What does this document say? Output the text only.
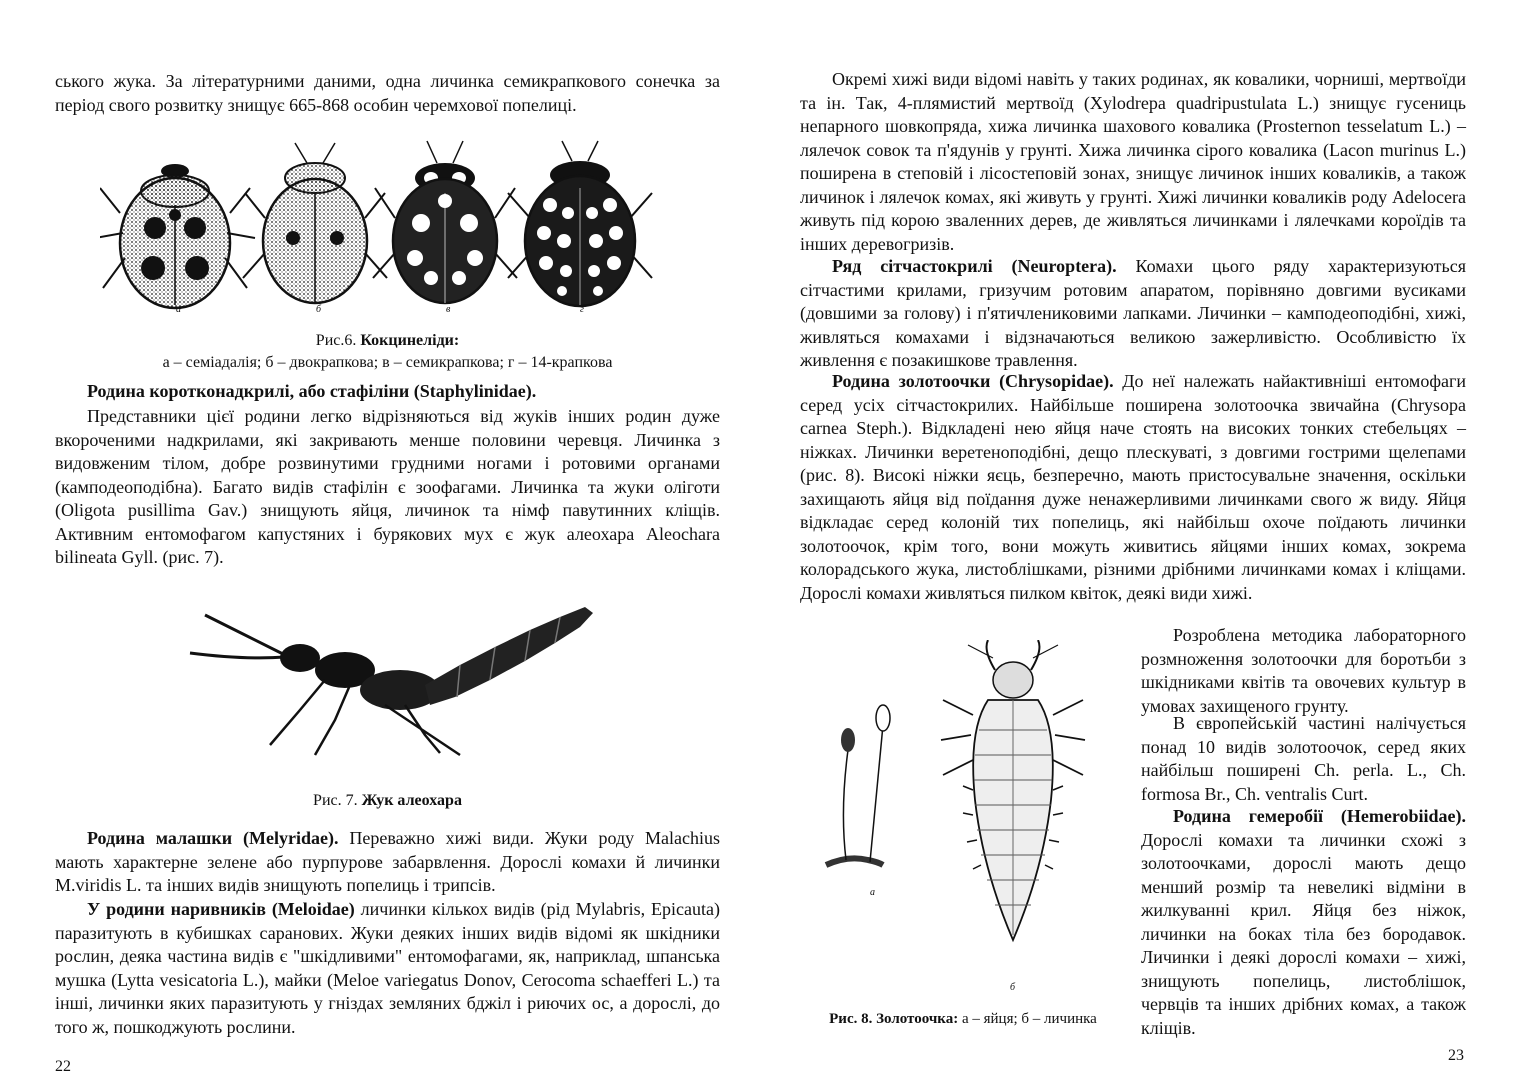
ського жука. За літературними даними, одна личинка семикрапкового сонечка за період свого розвитку знищує 665-868 особин черемхової попелиці.

а	б	в	г
Рис.6. Кокцинеліди:
а – семіадалія; б – двокрапкова; в – семикрапкова; г – 14-крапкова

Родина коротконадкрилі, або стафіліни (Staphylinidae).

Представники цієї родини легко відрізняються від жуків інших родин дуже вкороченими надкрилами, які закривають менше половини черевця. Личинка з видовженим тілом, добре розвинутими грудними ногами і ротовими органами (камподеоподібна). Багато видів стафілін є зоофагами. Личинка та жуки оліготи (Oligota pusillima Gav.) знищують яйця, личинок та німф павутинних кліщів. Активним ентомофагом капустяних і бурякових мух є жук алеохара Aleochara bilineata Gyll. (рис. 7).

Рис. 7. Жук алеохара

Родина малашки (Melyridae). Переважно хижі види. Жуки роду Malachius мають характерне зелене або пурпурове забарвлення. Дорослі комахи й личинки M.viridis L. та інших видів знищують попелиць і трипсів.

У родини наривників (Meloidae) личинки кількох видів (рід Mylabris, Epicauta) паразитують в кубишках саранових. Жуки деяких інших видів відомі як шкідники рослин, деяка частина видів є "шкідливими" ентомофагами, як, наприклад, шпанська мушка (Lytta vesicatoria L.), майки (Meloe variegatus Donov, Cerocoma schaefferi L.) та інші, личинки яких паразитують у гніздах земляних бджіл і риючих ос, а дорослі, до того ж, пошкоджують рослини.

22

Окремі хижі види відомі навіть у таких родинах, як ковалики, чорниші, мертвоїди та ін. Так, 4-плямистий мертвоїд (Xylodrepa quadripustulata L.) знищує гусениць непарного шовкопряда, хижа личинка шахового ковалика (Prosternon tesselatum L.) – лялечок совок та п'ядунів у грунті. Хижа личинка сірого ковалика (Lacon murinus L.) поширена в степовій і лісостеповій зонах, знищує личинок інших коваликів, а також личинок і лялечок комах, які живуть у грунті. Хижі личинки коваликів роду Adelocera живуть під корою зваленних дерев, де живляться личинками і лялечками короїдів та інших деревогризів.

Ряд сітчастокрилі (Neuroptera). Комахи цього ряду характеризуються сітчастими крилами, гризучим ротовим апаратом, порівняно довгими вусиками (довшими за голову) і п'ятичлениковими лапками. Личинки – камподеоподібні, хижі, живляться комахами і відзначаються великою зажерливістю. Особливістю їх живлення є позакишкове травлення.

Родина золотоочки (Chrysopidae). До неї належать найактивніші ентомофаги серед усіх сітчастокрилих. Найбільше поширена золотоочка звичайна (Chrysopa carnea Steph.). Відкладені нею яйця наче стоять на високих тонких стебельцях – ніжках. Личинки веретеноподібні, дещо плескуваті, з довгими гострими щелепами (рис. 8). Високі ніжки яєць, безперечно, мають пристосувальне значення, оскільки захищають яйця від поїдання дуже ненажерливими личинками свого ж виду. Яйця відкладає серед колоній тих попелиць, які найбільш охоче поїдають личинки золотоочок, крім того, вони можуть живитись яйцями інших комах, зокрема колорадського жука, листоблішками, різними дрібними личинками комах і кліщами. Дорослі комахи живляться пилком квіток, деякі види хижі.

а
б
Рис. 8. Золотоочка: а – яйця; б – личинка

Розроблена методика лабораторного розмноження золотоочки для боротьби з шкідниками квітів та овочевих культур в умовах захищеного грунту.

В європейській частині налічується понад 10 видів золотоочок, серед яких найбільш поширені Ch. perla. L., Ch. formosa Br., Ch. ventralis Curt.

Родина гемеробії (Hemerobiidae). Дорослі комахи та личинки схожі з золотоочками, дорослі мають дещо менший розмір та невеликі відміни в жилкуванні крил. Яйця без ніжок, личинки на боках тіла без бородавок. Личинки і деякі дорослі комахи – хижі, знищують попелиць, листоблішок, червців та інших дрібних комах, а також кліщів.

23
